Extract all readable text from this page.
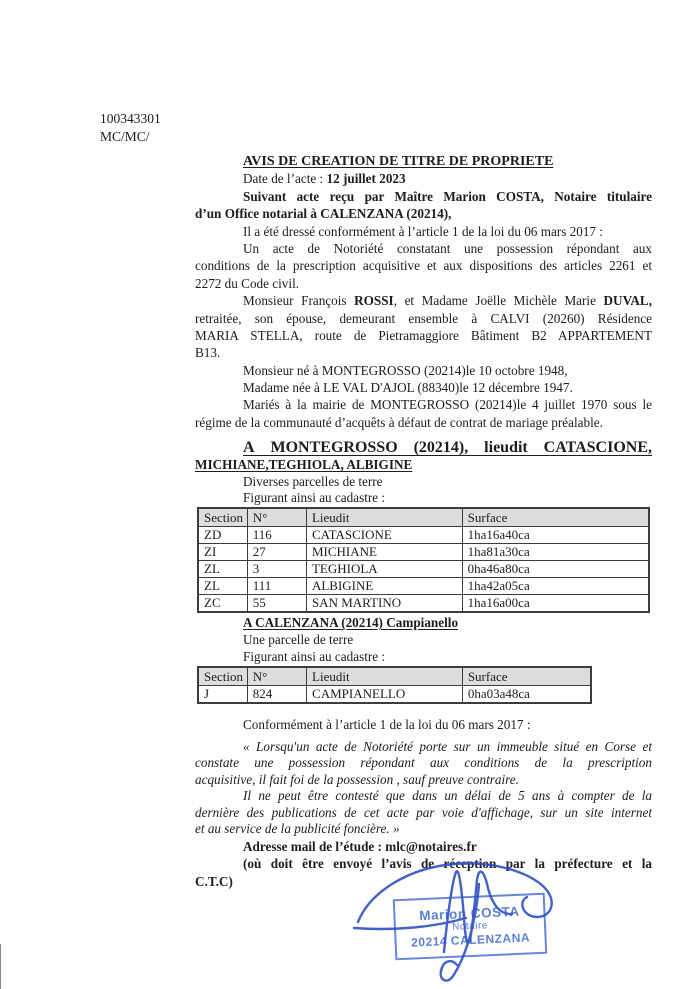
100343301
MC/MC/
AVIS DE CREATION DE TITRE DE PROPRIETE
Date de l’acte : 12 juillet 2023
Suivant acte reçu par Maître Marion COSTA, Notaire titulaire
d’un Office notarial à CALENZANA (20214),
Il a été dressé conformément à l’article 1 de la loi du 06 mars 2017 :
Un acte de Notoriété constatant une possession répondant aux
conditions de la prescription acquisitive et aux dispositions des articles 2261 et
2272 du Code civil.
Monsieur François ROSSI, et Madame Joëlle Michèle Marie DUVAL,
retraitée, son épouse, demeurant ensemble à CALVI (20260) Résidence
MARIA STELLA, route de Pietramaggiore Bâtiment B2 APPARTEMENT
B13.
Monsieur né à MONTEGROSSO (20214)le 10 octobre 1948,
Madame née à LE VAL D'AJOL (88340)le 12 décembre 1947.
Mariés à la mairie de MONTEGROSSO (20214)le 4 juillet 1970 sous le
régime de la communauté d’acquêts à défaut de contrat de mariage préalable.
A MONTEGROSSO (20214), lieudit CATASCIONE,
MICHIANE,TEGHIOLA, ALBIGINE
Diverses parcelles de terre
Figurant ainsi au cadastre :
Section	N°	Lieudit	Surface
ZD	116	CATASCIONE	1ha16a40ca
ZI	27	MICHIANE	1ha81a30ca
ZL	3	TEGHIOLA	0ha46a80ca
ZL	111	ALBIGINE	1ha42a05ca
ZC	55	SAN MARTINO	1ha16a00ca
A CALENZANA (20214) Campianello
Une parcelle de terre
Figurant ainsi au cadastre :
Section	N°	Lieudit	Surface
J	824	CAMPIANELLO	0ha03a48ca
Conformément à l’article 1 de la loi du 06 mars 2017 :
« Lorsqu'un acte de Notoriété porte sur un immeuble situé en Corse et
constate une possession répondant aux conditions de la prescription
acquisitive, il fait foi de la possession , sauf preuve contraire.
Il ne peut être contesté que dans un délai de 5 ans à compter de la
dernière des publications de cet acte par voie d'affichage, sur un site internet
et au service de la publicité foncière. »
Adresse mail de l’étude : mlc@notaires.fr
(où doit être envoyé l’avis de réception par la préfecture et la
C.T.C)
Marion COSTA
Notaire
20214 CALENZANA
